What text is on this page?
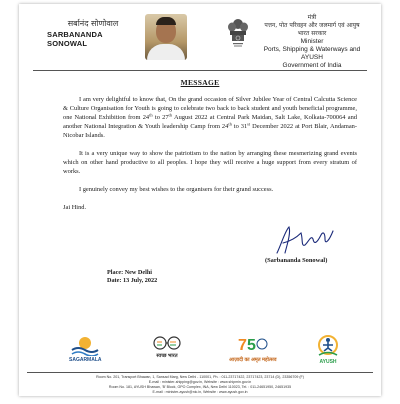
सर्बानंद सोणोवाल
SARBANANDA SONOWAL
मंत्री
पत्तन, पोत परिवहन और जलमार्ग एवं आयुष
भारत सरकार
Minister
Ports, Shipping & Waterways and AYUSH
Government of India
MESSAGE

I am very delightful to know that, On the grand occasion of Silver Jubilee Year of Central Calcutta Science & Culture Organisation for Youth is going to celebrate two back to back student and youth beneficial programme, one National Exhibition from 24th to 27th August 2022 at Central Park Maidan, Salt Lake, Kolkata-700064 and another National Integration & Youth leadership Camp from 24th to 31st December 2022 at Port Blair, Andaman-Nicobar Islands.

It is a very unique way to show the patriotism to the nation by arranging these mesmerizing grand events which on other hand productive to all peoples. I hope they will receive a huge support from every stratum of works.

I genuinely convey my best wishes to the organisers for their grand success.

Jai Hind.

(Sarbananda Sonowal)
Place: New Delhi
Date: 13 July, 2022
SAGARMALA
स्वच्छ भारत
7 5
आज़ादी का अमृत महोत्सव	AYUSH
Room No. 201, Transport Bhawan, 1, Sansad Marg, New Delhi - 110001, Ph. : 011-23717422, 23717423, 23714 (D), 23356709 (F)
E-mail : minister-shipping@gov.in, Website : www.shipmin.gov.in
Room No. 181, AYUSH Bhawan, 'B' Block, GPO Complex, INA, New Delhi 110023, Tel. : 011-24651950, 24651935
E-mail : minister-ayush@nic.in, Website : www.ayush.gov.in
